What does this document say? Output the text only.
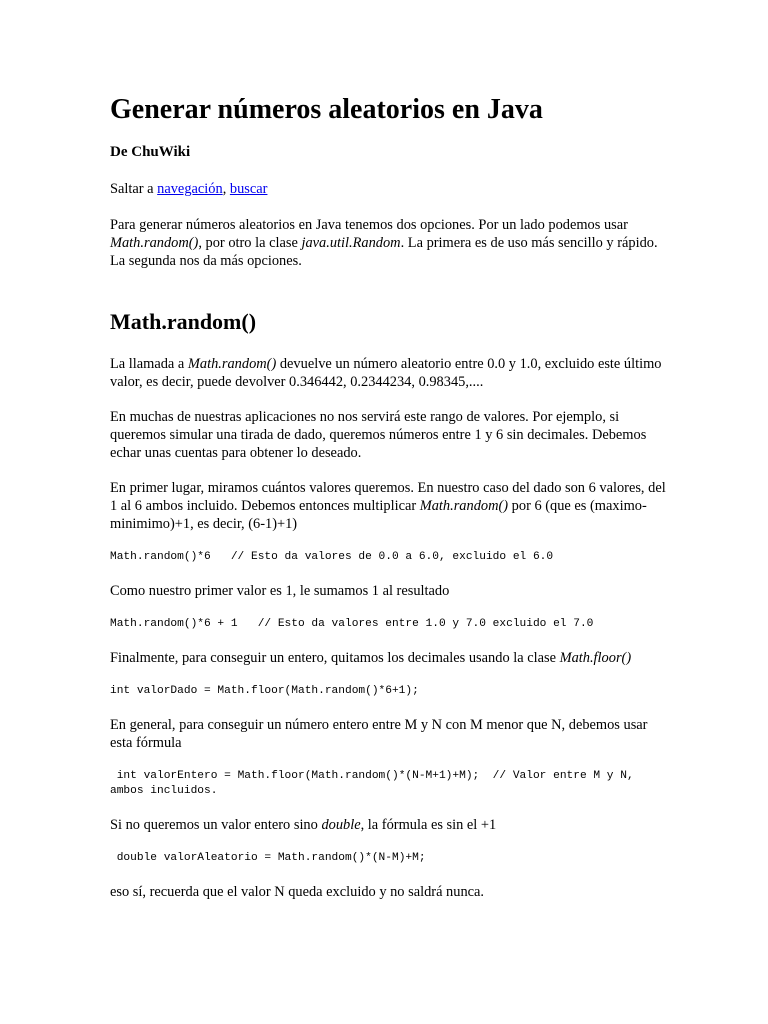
Generar números aleatorios en Java
De ChuWiki

Saltar a navegación, buscar

Para generar números aleatorios en Java tenemos dos opciones. Por un lado podemos usar Math.random(), por otro la clase java.util.Random. La primera es de uso más sencillo y rápido. La segunda nos da más opciones.

Math.random()

La llamada a Math.random() devuelve un número aleatorio entre 0.0 y 1.0, excluido este último valor, es decir, puede devolver 0.346442, 0.2344234, 0.98345,....

En muchas de nuestras aplicaciones no nos servirá este rango de valores. Por ejemplo, si queremos simular una tirada de dado, queremos números entre 1 y 6 sin decimales. Debemos echar unas cuentas para obtener lo deseado.

En primer lugar, miramos cuántos valores queremos. En nuestro caso del dado son 6 valores, del 1 al 6 ambos incluido. Debemos entonces multiplicar Math.random() por 6 (que es (maximo-minimimo)+1, es decir, (6-1)+1)

Math.random()*6   // Esto da valores de 0.0 a 6.0, excluido el 6.0

Como nuestro primer valor es 1, le sumamos 1 al resultado

Math.random()*6 + 1   // Esto da valores entre 1.0 y 7.0 excluido el 7.0

Finalmente, para conseguir un entero, quitamos los decimales usando la clase Math.floor()

int valorDado = Math.floor(Math.random()*6+1);

En general, para conseguir un número entero entre M y N con M menor que N, debemos usar esta fórmula

int valorEntero = Math.floor(Math.random()*(N-M+1)+M);  // Valor entre M y N, ambos incluidos.

Si no queremos un valor entero sino double, la fórmula es sin el +1

double valorAleatorio = Math.random()*(N-M)+M;

eso sí, recuerda que el valor N queda excluido y no saldrá nunca.
